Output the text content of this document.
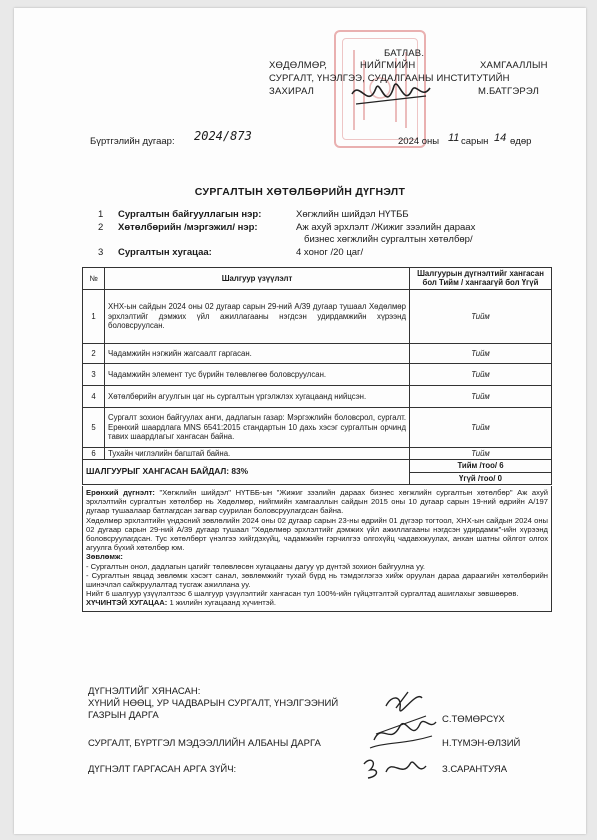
БАТЛАВ.
ХӨДӨЛМӨР,	НИЙГМИЙН	ХАМГААЛЛЫН
СУРГАЛТ, ҮНЭЛГЭЭ, СУДАЛГААНЫ ИНСТИТУТИЙН
ЗАХИРАЛ	М.БАТГЭРЭЛ
Бүртгэлийн дугаар: 2024/873	2024 оны 11 сарын 14 өдөр
СУРГАЛТЫН ХӨТӨЛБӨРИЙН ДҮГНЭЛТ
1 Сургалтын байгууллагын нэр:	Хөгжлийн шийдэл НҮТББ
2 Хөтөлбөрийн /мэргэжил/ нэр:	Аж ахуй эрхлэлт /Жижиг зээлийн дараах
бизнес хөгжлийн сургалтын хөтөлбөр/
3 Сургалтын хугацаа:	4 хоног /20 цаг/
№	Шалгуур үзүүлэлт	Шалгуурын дүгнэлтийг хангасан бол Тийм / хангаагүй бол Үгүй
1	ХНХ-ын сайдын 2024 оны 02 дугаар сарын 29-ний А/39 дугаар тушаал Хөдөлмөр эрхлэлтийг дэмжих үйл ажиллагааны нэгдсэн удирдамжийн хүрээнд боловсруулсан.	Тийм
2	Чадамжийн нэгжийн жагсаалт гаргасан.	Тийм
3	Чадамжийн элемент тус бүрийн төлөвлөгөө боловсруулсан.	Тийм
4	Хөтөлбөрийн агуулгын цаг нь сургалтын үргэлжлэх хугацаанд нийцсэн.	Тийм
5	Сургалт зохион байгуулах анги, дадлагын газар: Мэргэжлийн боловсрол, сургалт. Ерөнхий шаардлага MNS 6541:2015 стандартын 10 дахь хэсэг сургалтын орчинд тавих шаардлагыг хангасан байна.	Тийм
6	Тухайн чиглэлийн багштай байна.	Тийм
ШАЛГУУРЫГ ХАНГАСАН БАЙДАЛ: 83%		Тийм /тоо/ 6
		Үгүй /тоо/ 0

Ерөнхий дүгнэлт: "Хөгжлийн шийдэл" НҮТББ-ын "Жижиг зээлийн дараах бизнес хөгжлийн сургалтын хөтөлбөр" Аж ахуй эрхлэлтийн сургалтын хөтөлбөр нь Хөдөлмөр, нийгмийн хамгааллын сайдын 2015 оны 10 дугаар сарын 19-ний өдрийн А/197 дугаар тушаалаар батлагдсан загвар суурилан боловсруулагдсан байна.

Хөдөлмөр эрхлэлтийн үндэсний зөвлөлийн 2024 оны 02 дугаар сарын 23-ны өдрийн 01 дүгээр тогтоол, ХНХ-ын сайдын 2024 оны 02 дугаар сарын 29-ний А/39 дугаар тушаал "Хөдөлмөр эрхлэлтийг дэмжих үйл ажиллагааны нэгдсэн удирдамж"-ийн хүрээнд боловсруулагдсан. Тус хөтөлбөрт үнэлгээ хийгдэхүйц, чадамжийн гэрчилгээ олгохүйц чадавхжуулах, анхан шатны ойлгот олгох агуулга бүхий хөтөлбөр юм.

Зөвлөмж:

- Сургалтын онол, дадлагын цагийг төлөвлөсөн хугацааны дагуу үр дүнтэй зохион байгуулна уу.

- Сургалтын явцад зөвлөмж хэсэгт санал, зөвлөмжийг тухай бүрд нь тэмдэглэгээ хийж оруулан дараа дараагийн хөтөлбөрийн шинэчлэл сайжруулалтад тусгаж ажиллана уу.

Нийт 6 шалгуур үзүүлэлтээс 6 шалгуур үзүүлэлтийг хангасан тул 100%-ийн гүйцэтгэлтэй сургалтад ашиглахыг зөвшөөрөв.

ХҮЧИНТЭЙ ХУГАЦАА: 1 жилийн хугацаанд хүчинтэй.

ДҮГНЭЛТИЙГ ХЯНАСАН:
ХҮНИЙ НӨӨЦ, УР ЧАДВАРЫН СУРГАЛТ, ҮНЭЛГЭЭНИЙ
ГАЗРЫН ДАРГА	С.ТӨМӨРСҮХ
СУРГАЛТ, БҮРТГЭЛ МЭДЭЭЛЛИЙН АЛБАНЫ ДАРГА	Н.ТҮМЭН-ӨЛЗИЙ
ДҮГНЭЛТ ГАРГАСАН АРГА ЗҮЙЧ:	З.САРАНТУЯА
